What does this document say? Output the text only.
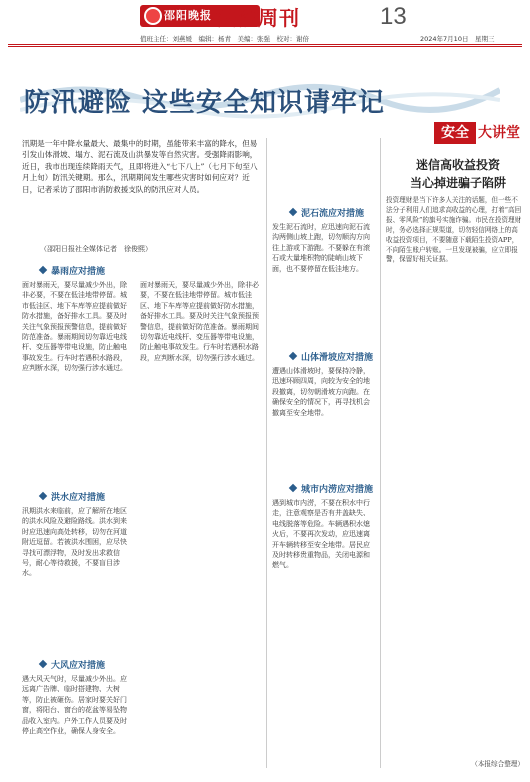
邵阳晚报 法治周刊	13
值班主任：刘燕媛　编辑：杨青　美编：张强　校对：谢倍	2024年7月10日　星期三
防汛避险 这些安全知识请牢记
汛期是一年中降水量最大、最集中的时期，虽能带来丰富的降水，但易引发山体滑坡、塌方、泥石流及山洪暴发等自然灾害。受强降雨影响，近日，我市出现连续降雨天气，且即将进入“七下八上”（七月下旬至八月上旬）防汛关键期。那么，汛期期间发生哪些灾害时如何应对？近日，记者采访了邵阳市消防救援支队的防汛应对人员。
（邵阳日报社全媒体记者　徐俊熙）
暴雨应对措施
面对暴雨天，要尽量减少外出，除非必要，不要在低洼地带停留。城市低洼区、地下车库等应提前做好防水措施，备好排水工具。要及时关注气象预报预警信息，提前做好防范准备。暴雨期间切勿靠近电线杆、变压器等带电设施，防止触电事故发生。行车时若遇积水路段，应判断水深，切勿强行涉水通过。
洪水应对措施
汛期洪水来临前，应了解所在地区的洪水风险及避险路线。洪水到来时应迅速向高处转移，切勿在河道附近逗留。若被洪水围困，应尽快寻找可漂浮物，及时发出求救信号，耐心等待救援，不要盲目涉水。
大风应对措施
遇大风天气时，尽量减少外出。应远离广告牌、临时搭建物、大树等，防止被砸伤。居家时要关好门窗，将阳台、窗台的花盆等易坠物品收入室内。户外工作人员要及时停止高空作业，确保人身安全。
面对暴雨天，要尽量减少外出，除非必要，不要在低洼地带停留。城市低洼区、地下车库等应提前做好防水措施，备好排水工具。要及时关注气象预报预警信息，提前做好防范准备。暴雨期间切勿靠近电线杆、变压器等带电设施，防止触电事故发生。行车时若遇积水路段，应判断水深，切勿强行涉水通过。
泥石流应对措施
发生泥石流时，应迅速向泥石流沟两侧山坡上跑，切勿顺沟方向往上游或下游跑。不要躲在有滚石或大量堆积物的陡峭山坡下面，也不要停留在低洼地方。
山体滑坡应对措施
遭遇山体滑坡时，要保持冷静，迅速环顾四周，向较为安全的地段撤离，切勿朝滑坡方向跑。在确保安全的情况下，再寻找机会撤离至安全地带。
城市内涝应对措施
遇到城市内涝，不要在积水中行走，注意观察是否有井盖缺失、电线脱落等危险。车辆遇积水熄火后，不要再次发动，应迅速离开车辆转移至安全地带。居民应及时转移贵重物品，关闭电源和燃气。
安全 大讲堂
迷信高收益投资
当心掉进骗子陷阱
投资理财是当下许多人关注的话题，但一些不法分子利用人们追求高收益的心理，打着“高回报、零风险”的旗号实施诈骗。市民在投资理财时，务必选择正规渠道，切勿轻信网络上的高收益投资项目，不要随意下载陌生投资APP，不向陌生账户转账。一旦发现被骗，应立即报警，保留好相关证据。
（本报综合整理）
